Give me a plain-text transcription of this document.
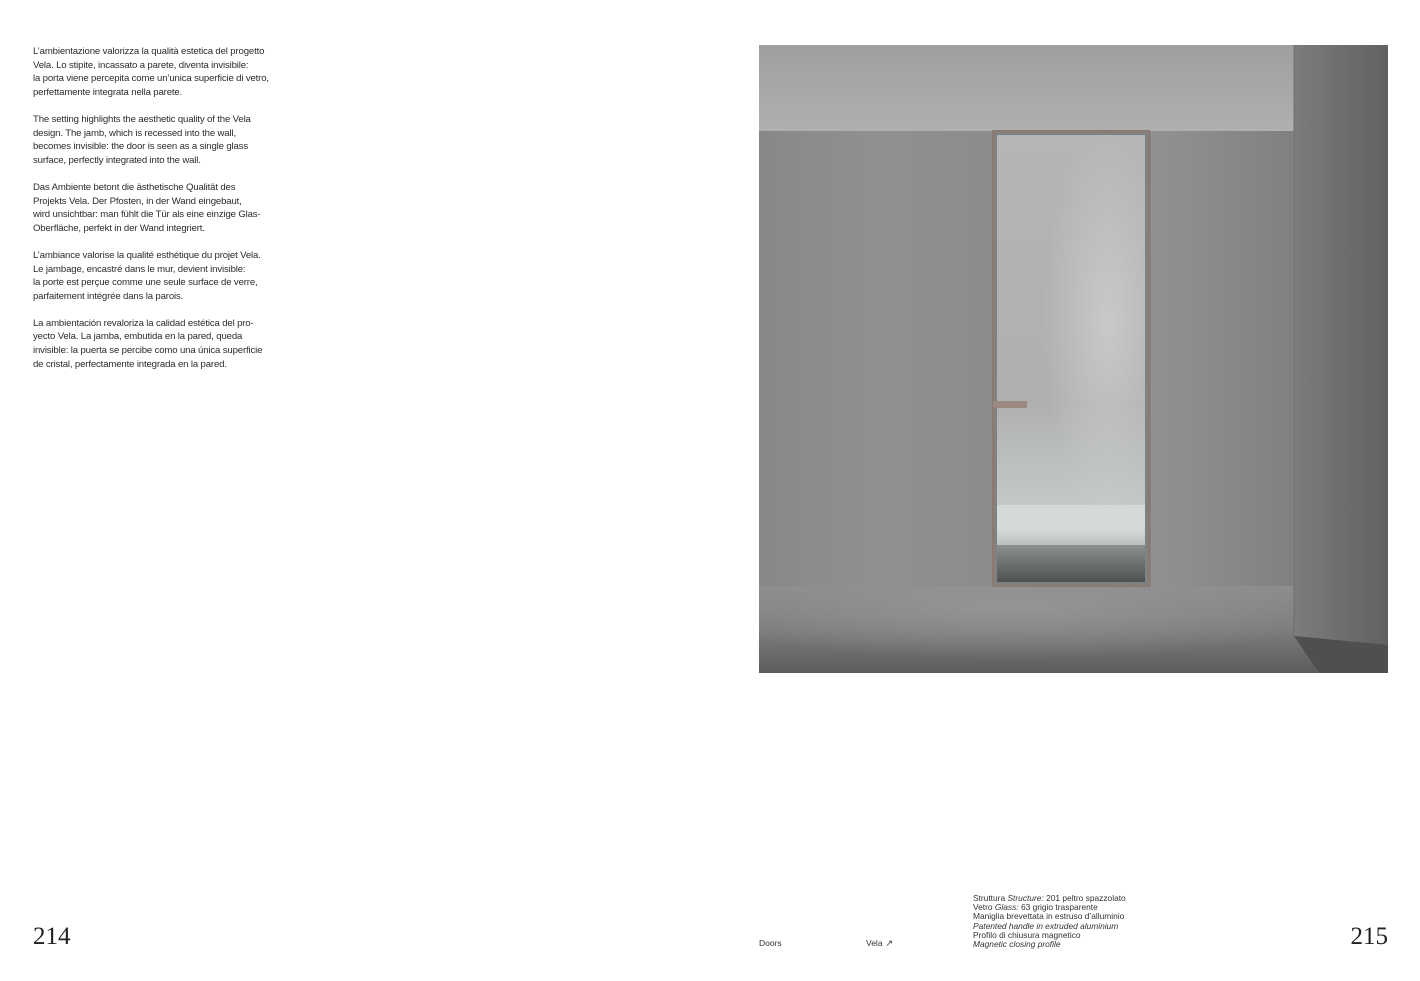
L’ambientazione valorizza la qualità estetica del progetto
Vela. Lo stipite, incassato a parete, diventa invisibile:
la porta viene percepita come un’unica superficie di vetro,
perfettamente integrata nella parete.

The setting highlights the aesthetic quality of the Vela
design. The jamb, which is recessed into the wall,
becomes invisible: the door is seen as a single glass
surface, perfectly integrated into the wall.

Das Ambiente betont die ästhetische Qualität des
Projekts Vela. Der Pfosten, in der Wand eingebaut,
wird unsichtbar: man fühlt die Tür als eine einzige Glas-
Oberfläche, perfekt in der Wand integriert.

L’ambiance valorise la qualité esthétique du projet Vela.
Le jambage, encastré dans le mur, devient invisible:
la porte est perçue comme une seule surface de verre,
parfaitement intégrée dans la parois.

La ambientación revaloriza la calidad estética del pro-
yecto Vela. La jamba, embutida en la pared, queda
invisible: la puerta se percibe como una única superficie
de cristal, perfectamente integrada en la pared.

214	Doors	Vela ↗
Struttura Structure: 201 peltro spazzolato
Vetro Glass: 63 grigio trasparente
Maniglia brevettata in estruso d’alluminio
Patented handle in extruded aluminium
Profilo di chiusura magnetico
Magnetic closing profile	215
